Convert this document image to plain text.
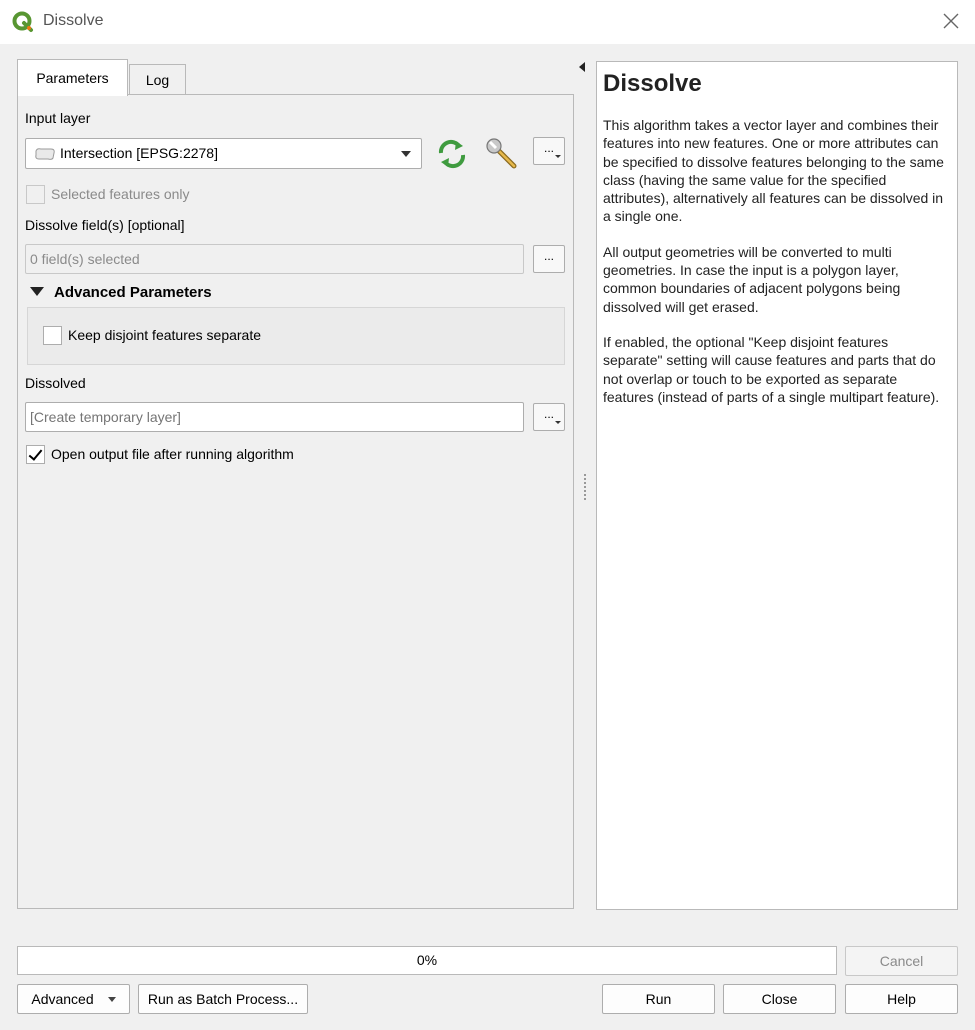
Dissolve
Parameters	Log
Input layer
Intersection [EPSG:2278]	...
Selected features only
Dissolve field(s) [optional]
0 field(s) selected	...
Advanced Parameters
Keep disjoint features separate
Dissolved
[Create temporary layer]
...
Open output file after running algorithm
Dissolve

This algorithm takes a vector layer and combines their features into new features. One or more attributes can be specified to dissolve features belonging to the same class (having the same value for the specified attributes), alternatively all features can be dissolved in a single one.

All output geometries will be converted to multi geometries. In case the input is a polygon layer, common boundaries of adjacent polygons being dissolved will get erased.

If enabled, the optional "Keep disjoint features separate" setting will cause features and parts that do not overlap or touch to be exported as separate features (instead of parts of a single multipart feature).

0%	Cancel
Advanced	Run as Batch Process...	Run	Close	Help
